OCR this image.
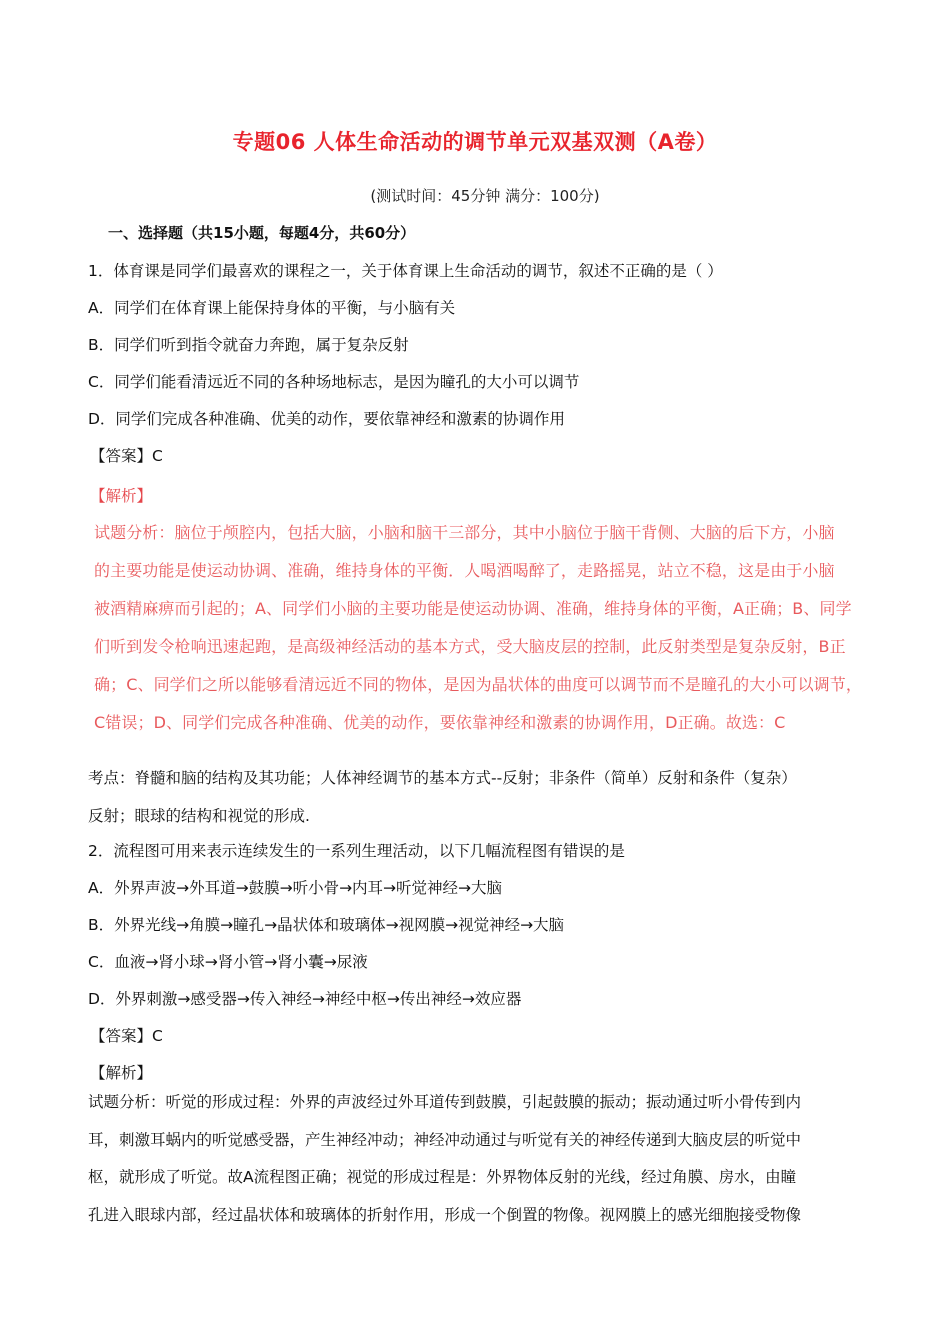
专题06 人体生命活动的调节单元双基双测（A卷）
(测试时间：45分钟 满分：100分)
一、选择题（共15小题，每题4分，共60分）
1．体育课是同学们最喜欢的课程之一，关于体育课上生命活动的调节，叙述不正确的是（ ）
A．同学们在体育课上能保持身体的平衡，与小脑有关
B．同学们听到指令就奋力奔跑，属于复杂反射
C．同学们能看清远近不同的各种场地标志，是因为瞳孔的大小可以调节
D．同学们完成各种准确、优美的动作，要依靠神经和激素的协调作用
【答案】C
【解析】
试题分析：脑位于颅腔内，包括大脑，小脑和脑干三部分，其中小脑位于脑干背侧、大脑的后下方，小脑
的主要功能是使运动协调、准确，维持身体的平衡．人喝酒喝醉了，走路摇晃，站立不稳，这是由于小脑
被酒精麻痹而引起的；A、同学们小脑的主要功能是使运动协调、准确，维持身体的平衡，A正确；B、同学
们听到发令枪响迅速起跑，是高级神经活动的基本方式，受大脑皮层的控制，此反射类型是复杂反射，B正
确；C、同学们之所以能够看清远近不同的物体，是因为晶状体的曲度可以调节而不是瞳孔的大小可以调节，
C错误；D、同学们完成各种准确、优美的动作，要依靠神经和激素的协调作用，D正确。故选：C
考点：脊髓和脑的结构及其功能；人体神经调节的基本方式--反射；非条件（简单）反射和条件（复杂）
反射；眼球的结构和视觉的形成.
2．流程图可用来表示连续发生的一系列生理活动，以下几幅流程图有错误的是
A．外界声波→外耳道→鼓膜→听小骨→内耳→听觉神经→大脑
B．外界光线→角膜→瞳孔→晶状体和玻璃体→视网膜→视觉神经→大脑
C．血液→肾小球→肾小管→肾小囊→尿液
D．外界刺激→感受器→传入神经→神经中枢→传出神经→效应器
【答案】C
【解析】
试题分析：听觉的形成过程：外界的声波经过外耳道传到鼓膜，引起鼓膜的振动；振动通过听小骨传到内
耳，刺激耳蜗内的听觉感受器，产生神经冲动；神经冲动通过与听觉有关的神经传递到大脑皮层的听觉中
枢，就形成了听觉。故A流程图正确；视觉的形成过程是：外界物体反射的光线，经过角膜、房水，由瞳
孔进入眼球内部，经过晶状体和玻璃体的折射作用，形成一个倒置的物像。视网膜上的感光细胞接受物像
